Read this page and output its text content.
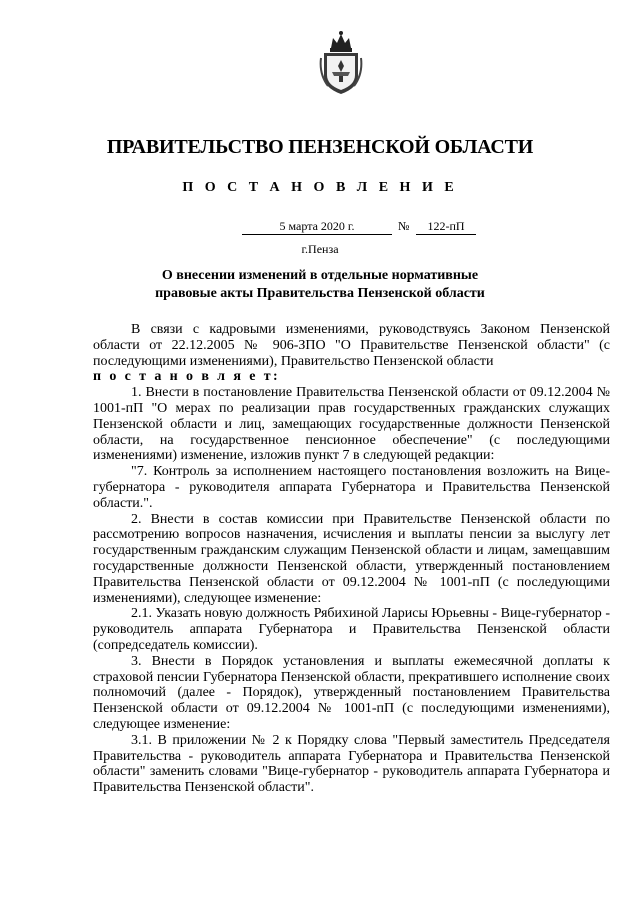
ПРАВИТЕЛЬСТВО ПЕНЗЕНСКОЙ ОБЛАСТИ
П О С Т А Н О В Л Е Н И Е
5 марта 2020 г.	№	122-пП
г.Пенза
О внесении изменений в отдельные нормативные
правовые акты Правительства Пензенской области

В связи с кадровыми изменениями, руководствуясь Законом Пензенской области от 22.12.2005 № 906-ЗПО "О Правительстве Пензенской области" (с последующими изменениями), Правительство Пензенской области

п о с т а н о в л я е т:

1. Внести в постановление Правительства Пензенской области от 09.12.2004 № 1001-пП "О мерах по реализации прав государственных гражданских служащих Пензенской области и лиц, замещающих государственные должности Пензенской области, на государственное пенсионное обеспечение" (с последующими изменениями) изменение, изложив пункт 7 в следующей редакции:

"7. Контроль за исполнением настоящего постановления возложить на Вице-губернатора - руководителя аппарата Губернатора и Правительства Пензенской области.".

2. Внести в состав комиссии при Правительстве Пензенской области по рассмотрению вопросов назначения, исчисления и выплаты пенсии за выслугу лет государственным гражданским служащим Пензенской области и лицам, замещавшим государственные должности Пензенской области, утвержденный постановлением Правительства Пензенской области от 09.12.2004 № 1001-пП (с последующими изменениями), следующее изменение:

2.1. Указать новую должность Рябихиной Ларисы Юрьевны - Вице-губернатор - руководитель аппарата Губернатора и Правительства Пензенской области (сопредседатель комиссии).

3. Внести в Порядок установления и выплаты ежемесячной доплаты к страховой пенсии Губернатора Пензенской области, прекратившего исполнение своих полномочий (далее - Порядок), утвержденный постановлением Правительства Пензенской области от 09.12.2004 № 1001-пП (с последующими изменениями), следующее изменение:

3.1. В приложении № 2 к Порядку слова "Первый заместитель Председателя Правительства - руководитель аппарата Губернатора и Правительства Пензенской области" заменить словами "Вице-губернатор - руководитель аппарата Губернатора и Правительства Пензенской области".
